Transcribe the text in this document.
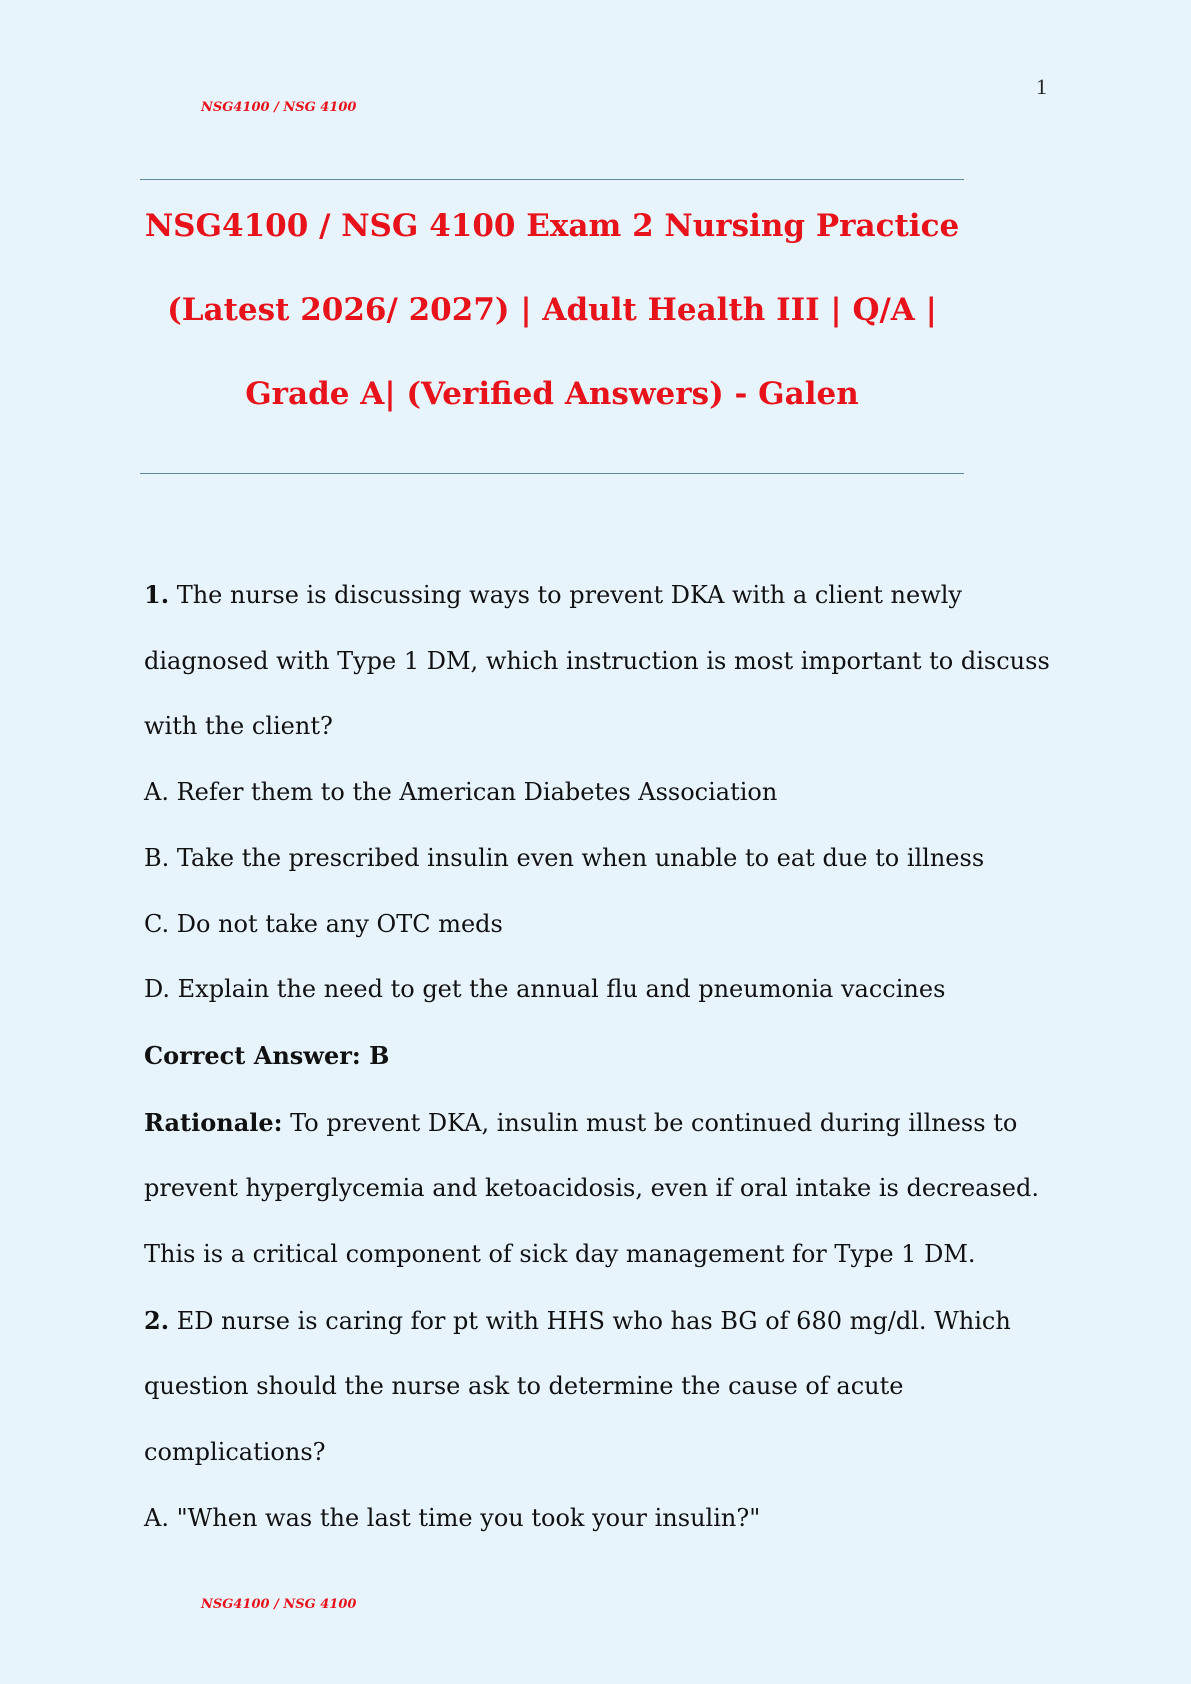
NSG4100 / NSG 4100
1
NSG4100 / NSG 4100 Exam 2 Nursing Practice
(Latest 2026/ 2027) | Adult Health III | Q/A |
Grade A| (Verified Answers) - Galen

1. The nurse is discussing ways to prevent DKA with a client newly

diagnosed with Type 1 DM, which instruction is most important to discuss

with the client?

A. Refer them to the American Diabetes Association

B. Take the prescribed insulin even when unable to eat due to illness

C. Do not take any OTC meds

D. Explain the need to get the annual flu and pneumonia vaccines

Correct Answer: B

Rationale: To prevent DKA, insulin must be continued during illness to

prevent hyperglycemia and ketoacidosis, even if oral intake is decreased.

This is a critical component of sick day management for Type 1 DM.

2. ED nurse is caring for pt with HHS who has BG of 680 mg/dl. Which

question should the nurse ask to determine the cause of acute

complications?

A. "When was the last time you took your insulin?"

NSG4100 / NSG 4100
